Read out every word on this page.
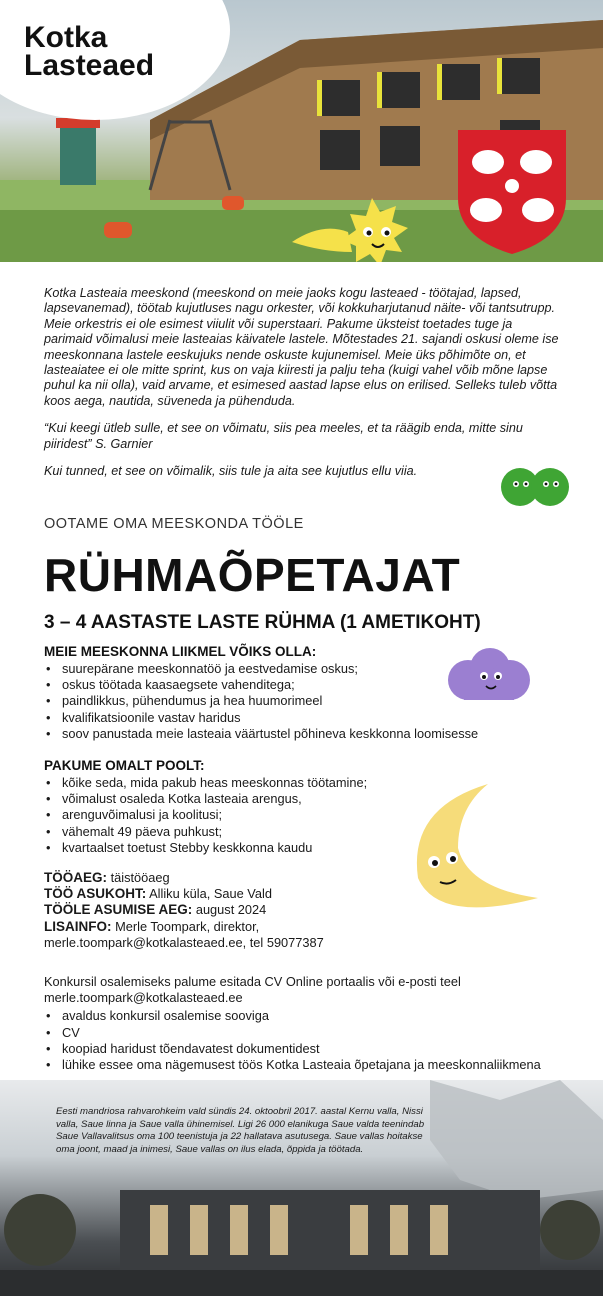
Kotka
Lasteaed

Kotka Lasteaia meeskond (meeskond on meie jaoks kogu lasteaed - töötajad, lapsed, lapsevanemad), töötab kujutluses nagu orkester, või kokkuharjutanud näite- või tantsutrupp. Meie orkestris ei ole esimest viiulit või superstaari. Pakume üksteist toetades tuge ja parimaid võimalusi meie lasteaias käivatele lastele. Mõtestades 21. sajandi oskusi oleme ise meeskonnana lastele eeskujuks nende oskuste kujunemisel. Meie üks põhimõte on, et lasteaiatee ei ole mitte sprint, kus on vaja kiiresti ja palju teha (kuigi vahel võib mõne lapse puhul ka nii olla), vaid arvame, et esimesed aastad lapse elus on erilised. Selleks tuleb võtta koos aega, nautida, süveneda ja pühenduda.

“Kui keegi ütleb sulle, et see on võimatu, siis pea meeles, et ta räägib enda, mitte sinu piiridest” S. Garnier

Kui tunned, et see on võimalik, siis tule ja aita see kujutlus ellu viia.

OOTAME OMA MEESKONDA TÖÖLE
RÜHMAÕPETAJAT
3 – 4 AASTASTE LASTE RÜHMA (1 AMETIKOHT)
MEIE MEESKONNA LIIKMEL VÕIKS OLLA:
• suurepärane meeskonnatöö ja eestvedamise oskus;
• oskus töötada kaasaegsete vahenditega;
• paindlikkus, pühendumus ja hea huumorimeel
• kvalifikatsioonile vastav haridus
• soov panustada meie lasteaia väärtustel põhineva keskkonna loomisesse
PAKUME OMALT POOLT:
• kõike seda, mida pakub heas meeskonnas töötamine;
• võimalust osaleda Kotka lasteaia arengus,
• arenguvõimalusi ja koolitusi;
• vähemalt 49 päeva puhkust;
• kvartaalset toetust Stebby keskkonna kaudu
TÖÖAEG: täistööaeg
TÖÖ ASUKOHT: Alliku küla, Saue Vald
TÖÖLE ASUMISE AEG: august 2024
LISAINFO: Merle Toompark, direktor,
merle.toompark@kotkalasteaed.ee, tel 59077387
Konkursil osalemiseks palume esitada CV Online portaalis või e-posti teel
merle.toompark@kotkalasteaed.ee
• avaldus konkursil osalemise sooviga
• CV
• koopiad haridust tõendavatest dokumentidest
• lühike essee oma nägemusest töös Kotka Lasteaia õpetajana ja meeskonnaliikmena
Eesti mandriosa rahvarohkeim vald sündis 24. oktoobril 2017. aastal Kernu valla, Nissi valla, Saue linna ja Saue valla ühinemisel. Ligi 26 000 elanikuga Saue valda teenindab Saue Vallavalitsus oma 100 teenistuja ja 22 hallatava asutusega. Saue vallas hoitakse oma joont, maad ja inimesi, Saue vallas on ilus elada, õppida ja töötada.
